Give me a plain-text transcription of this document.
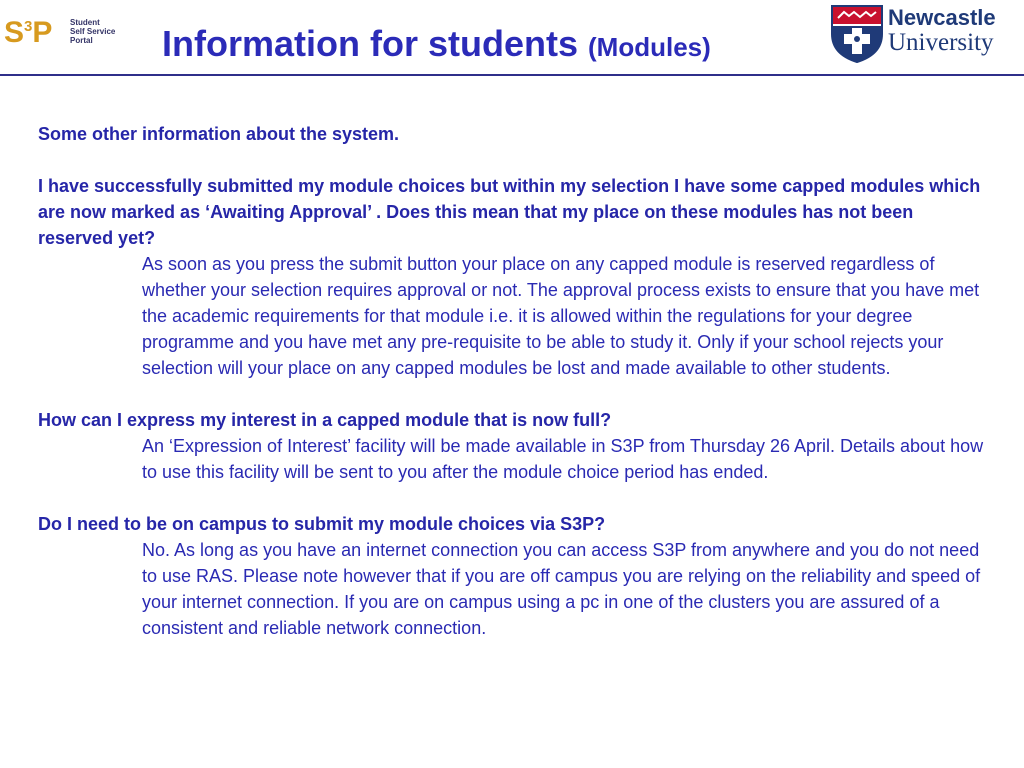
$S^3P$ Student
Self Service
Portal	Information for students (Modules)
Newcastle
University

Some other information about the system.

I have successfully submitted my module choices but within my selection I have some capped modules which are now marked as ‘Awaiting Approval’ . Does this mean that my place on these modules has not been reserved yet?

As soon as you press the submit button your place on any capped module is reserved regardless of whether your selection requires approval or not. The approval process exists to ensure that you have met the academic requirements for that module i.e. it is allowed within the regulations for your degree programme and you have met any pre-requisite to be able to study it. Only if your school rejects your selection will your place on any capped modules be lost and made available to other students.

How can I express my interest in a capped module that is now full?

An ‘Expression of Interest’ facility will be made available in S3P from Thursday 26 April. Details about how to use this facility will be sent to you after the module choice period has ended.

Do I need to be on campus to submit my module choices via S3P?

No. As long as you have an internet connection you can access S3P from anywhere and you do not need to use RAS. Please note however that if you are off campus you are relying on the reliability and speed of your internet connection. If you are on campus using a pc in one of the clusters you are assured of a consistent and reliable network connection.
